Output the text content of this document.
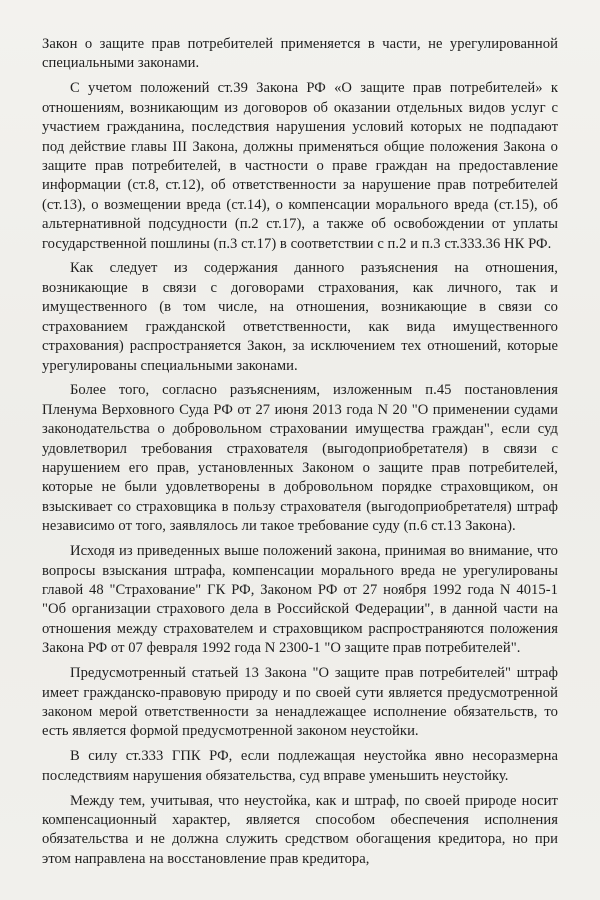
Закон о защите прав потребителей применяется в части, не урегулированной специальными законами.

С учетом положений ст.39 Закона РФ «О защите прав потребителей» к отношениям, возникающим из договоров об оказании отдельных видов услуг с участием гражданина, последствия нарушения условий которых не подпадают под действие главы III Закона, должны применяться общие положения Закона о защите прав потребителей, в частности о праве граждан на предоставление информации (ст.8, ст.12), об ответственности за нарушение прав потребителей (ст.13), о возмещении вреда (ст.14), о компенсации морального вреда (ст.15), об альтернативной подсудности (п.2 ст.17), а также об освобождении от уплаты государственной пошлины (п.3 ст.17) в соответствии с п.2 и п.3 ст.333.36 НК РФ.

Как следует из содержания данного разъяснения на отношения, возникающие в связи с договорами страхования, как личного, так и имущественного (в том числе, на отношения, возникающие в связи со страхованием гражданской ответственности, как вида имущественного страхования) распространяется Закон, за исключением тех отношений, которые урегулированы специальными законами.

Более того, согласно разъяснениям, изложенным п.45 постановления Пленума Верховного Суда РФ от 27 июня 2013 года N 20 "О применении судами законодательства о добровольном страховании имущества граждан", если суд удовлетворил требования страхователя (выгодоприобретателя) в связи с нарушением его прав, установленных Законом о защите прав потребителей, которые не были удовлетворены в добровольном порядке страховщиком, он взыскивает со страховщика в пользу страхователя (выгодоприобретателя) штраф независимо от того, заявлялось ли такое требование суду (п.6 ст.13 Закона).

Исходя из приведенных выше положений закона, принимая во внимание, что вопросы взыскания штрафа, компенсации морального вреда не урегулированы главой 48 "Страхование" ГК РФ, Законом РФ от 27 ноября 1992 года N 4015-1 "Об организации страхового дела в Российской Федерации", в данной части на отношения между страхователем и страховщиком распространяются положения Закона РФ от 07 февраля 1992 года N 2300-1 "О защите прав потребителей".

Предусмотренный статьей 13 Закона "О защите прав потребителей" штраф имеет гражданско-правовую природу и по своей сути является предусмотренной законом мерой ответственности за ненадлежащее исполнение обязательств, то есть является формой предусмотренной законом неустойки.

В силу ст.333 ГПК РФ, если подлежащая неустойка явно несоразмерна последствиям нарушения обязательства, суд вправе уменьшить неустойку.

Между тем, учитывая, что неустойка, как и штраф, по своей природе носит компенсационный характер, является способом обеспечения исполнения обязательства и не должна служить средством обогащения кредитора, но при этом направлена на восстановление прав кредитора,
